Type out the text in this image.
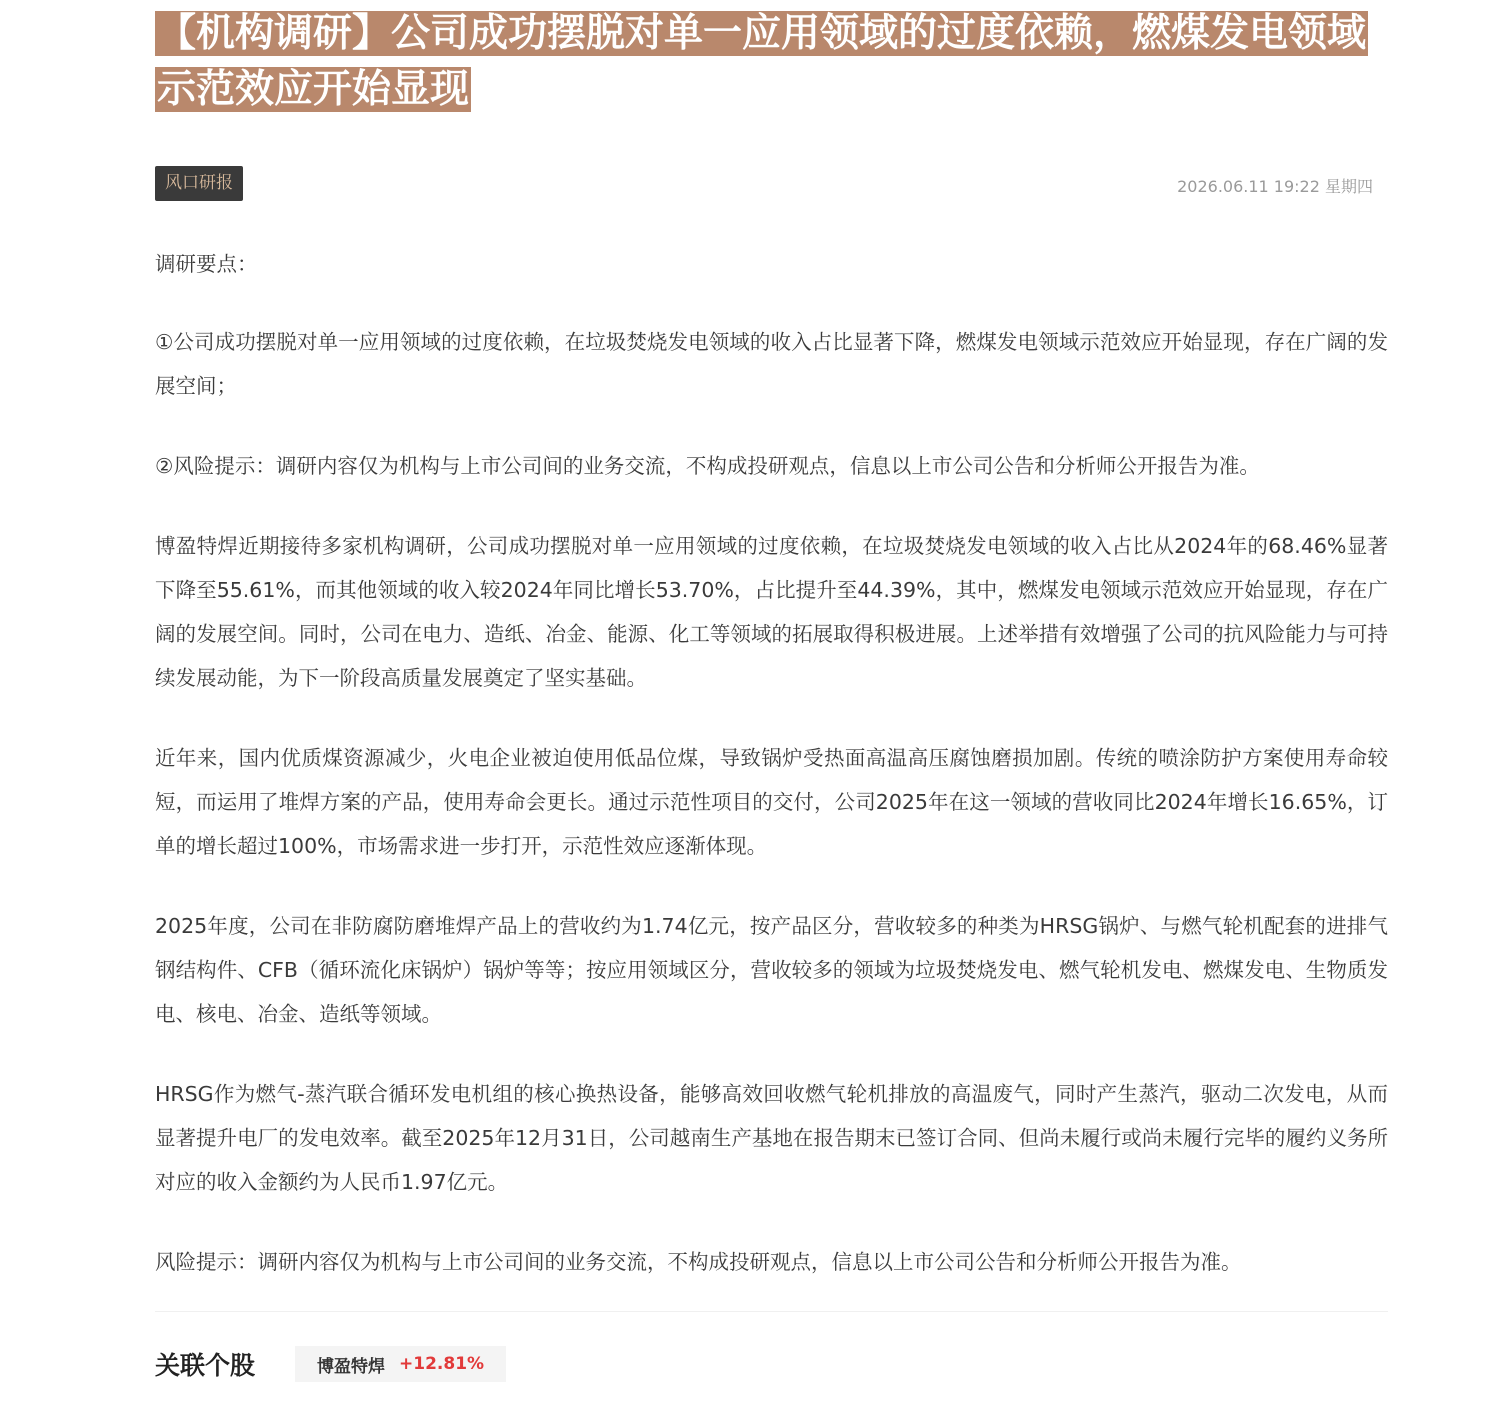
【机构调研】公司成功摆脱对单一应用领域的过度依赖，燃煤发电领域示范效应开始显现
风口研报	2026.06.11 19:22 星期四

调研要点：

①公司成功摆脱对单一应用领域的过度依赖，在垃圾焚烧发电领域的收入占比显著下降，燃煤发电领域示范效应开始显现，存在广阔的发展空间；

②风险提示：调研内容仅为机构与上市公司间的业务交流，不构成投研观点，信息以上市公司公告和分析师公开报告为准。

博盈特焊近期接待多家机构调研，公司成功摆脱对单一应用领域的过度依赖，在垃圾焚烧发电领域的收入占比从2024年的68.46%显著下降至55.61%，而其他领域的收入较2024年同比增长53.70%，占比提升至44.39%，其中，燃煤发电领域示范效应开始显现，存在广阔的发展空间。同时，公司在电力、造纸、冶金、能源、化工等领域的拓展取得积极进展。上述举措有效增强了公司的抗风险能力与可持续发展动能，为下一阶段高质量发展奠定了坚实基础。

近年来，国内优质煤资源减少，火电企业被迫使用低品位煤，导致锅炉受热面高温高压腐蚀磨损加剧。传统的喷涂防护方案使用寿命较短，而运用了堆焊方案的产品，使用寿命会更长。通过示范性项目的交付，公司2025年在这一领域的营收同比2024年增长16.65%，订单的增长超过100%，市场需求进一步打开，示范性效应逐渐体现。

2025年度，公司在非防腐防磨堆焊产品上的营收约为1.74亿元，按产品区分，营收较多的种类为HRSG锅炉、与燃气轮机配套的进排气钢结构件、CFB（循环流化床锅炉）锅炉等等；按应用领域区分，营收较多的领域为垃圾焚烧发电、燃气轮机发电、燃煤发电、生物质发电、核电、冶金、造纸等领域。

HRSG作为燃气-蒸汽联合循环发电机组的核心换热设备，能够高效回收燃气轮机排放的高温废气，同时产生蒸汽，驱动二次发电，从而显著提升电厂的发电效率。截至2025年12月31日，公司越南生产基地在报告期末已签订合同、但尚未履行或尚未履行完毕的履约义务所对应的收入金额约为人民币1.97亿元。

风险提示：调研内容仅为机构与上市公司间的业务交流，不构成投研观点，信息以上市公司公告和分析师公开报告为准。

关联个股	博盈特焊 +12.81%
